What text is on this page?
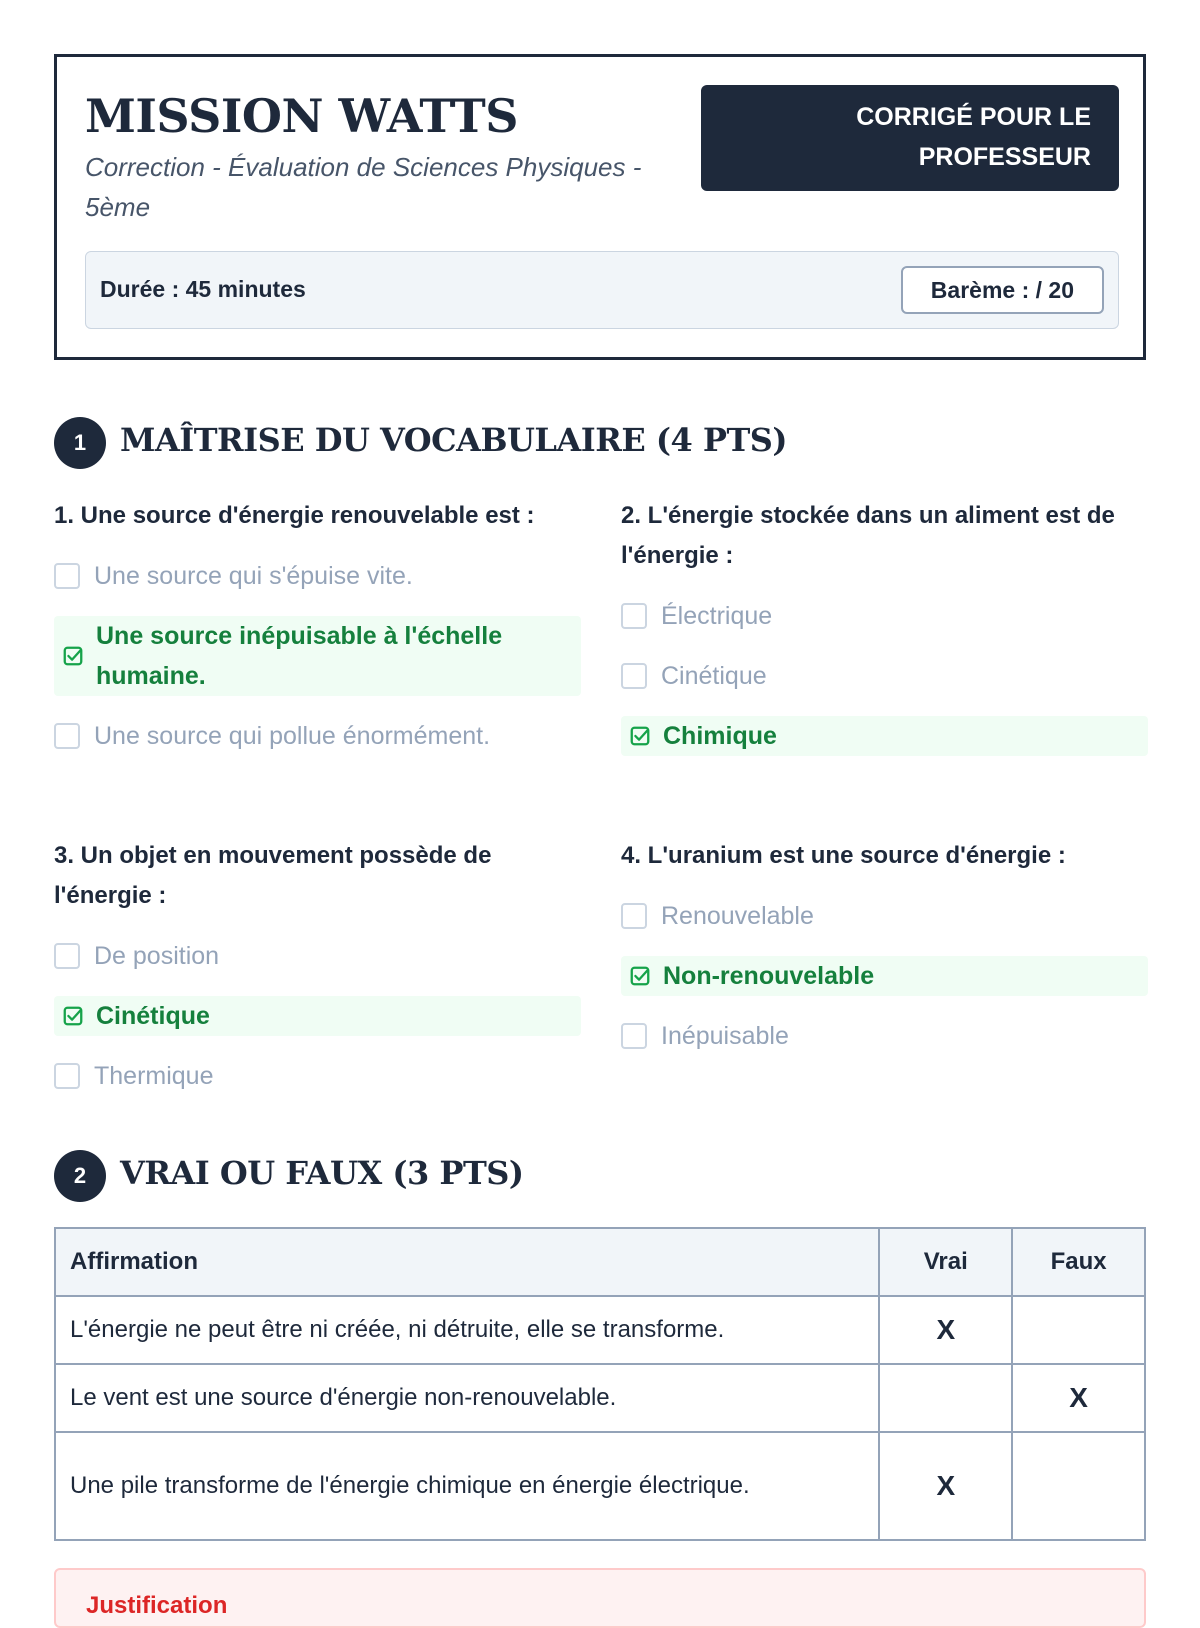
MISSION WATTS
Correction - Évaluation de Sciences Physiques - 5ème
CORRIGÉ POUR LE PROFESSEUR
Durée : 45 minutes	Barème : / 20
1	MAÎTRISE DU VOCABULAIRE (4 PTS)
1. Une source d'énergie renouvelable est :
Une source qui s'épuise vite.
Une source inépuisable à l'échelle humaine.
Une source qui pollue énormément.
2. L'énergie stockée dans un aliment est de l'énergie :
Électrique
Cinétique
Chimique
3. Un objet en mouvement possède de l'énergie :
De position
Cinétique
Thermique
4. L'uranium est une source d'énergie :
Renouvelable
Non-renouvelable
Inépuisable
2	VRAI OU FAUX (3 PTS)
Affirmation	Vrai	Faux
L'énergie ne peut être ni créée, ni détruite, elle se transforme.	X	
Le vent est une source d'énergie non-renouvelable.		X
Une pile transforme de l'énergie chimique en énergie électrique.	X	
Justification
